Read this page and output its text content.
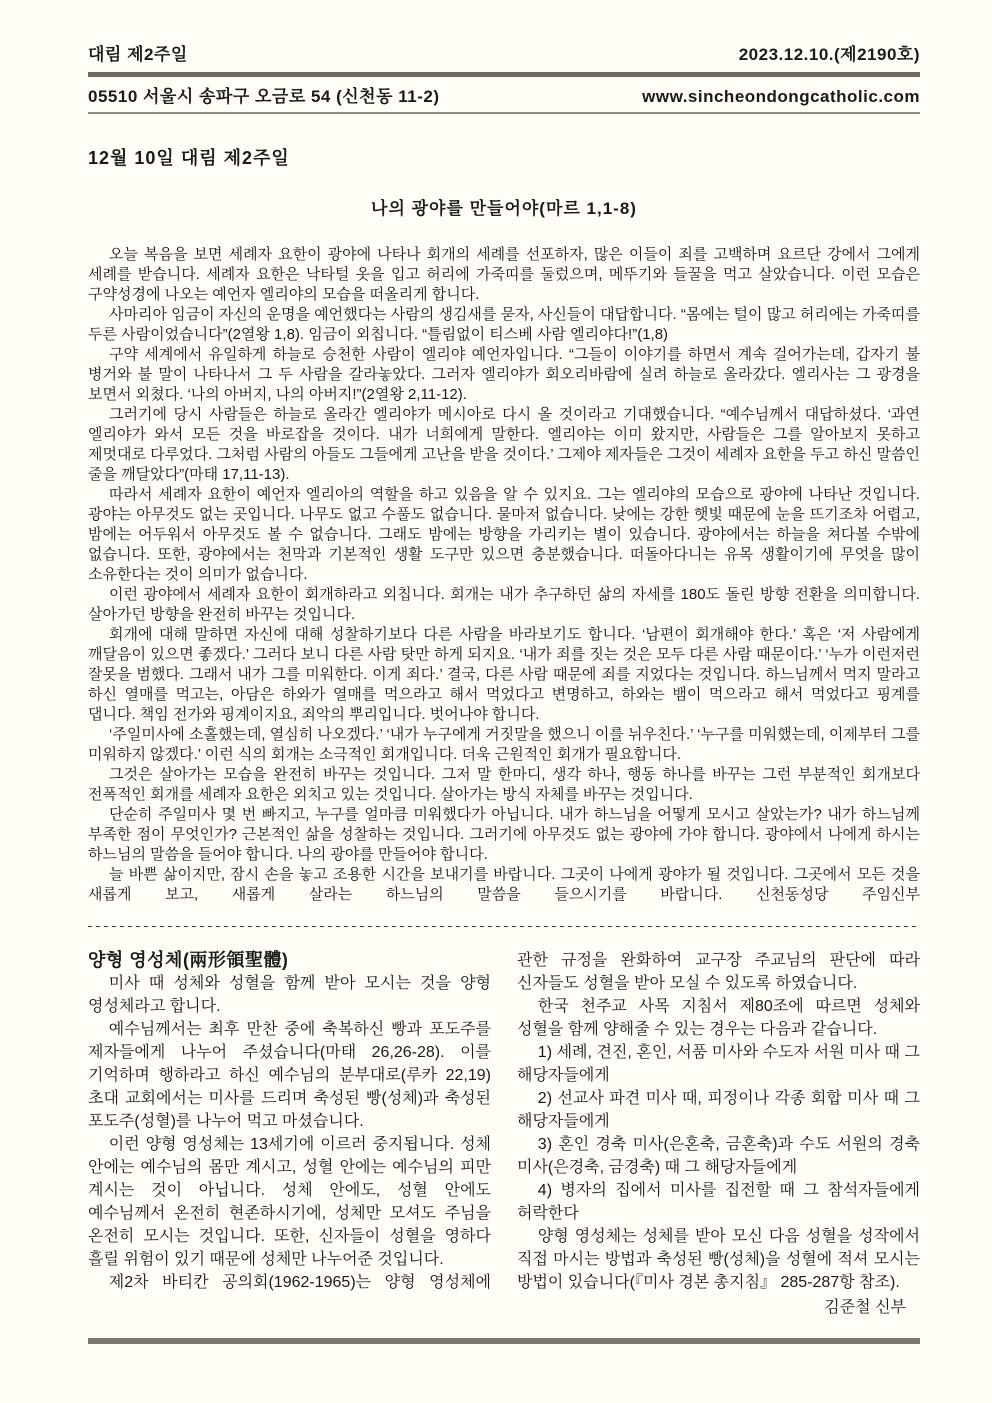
대림 제2주일	2023.12.10.(제2190호)
05510 서울시 송파구 오금로 54 (신천동 11-2)	www.sincheondongcatholic.com
12월 10일 대림 제2주일
나의 광야를 만들어야(마르 1,1-8)

오늘 복음을 보면 세례자 요한이 광야에 나타나 회개의 세례를 선포하자, 많은 이들이 죄를 고백하며 요르단 강에서 그에게 세례를 받습니다. 세례자 요한은 낙타털 옷을 입고 허리에 가죽띠를 둘렀으며, 메뚜기와 들꿀을 먹고 살았습니다. 이런 모습은 구약성경에 나오는 예언자 엘리야의 모습을 떠올리게 합니다.

사마리아 임금이 자신의 운명을 예언했다는 사람의 생김새를 묻자, 사신들이 대답합니다. “몸에는 털이 많고 허리에는 가죽띠를 두른 사람이었습니다”(2열왕 1,8). 임금이 외칩니다. “틀림없이 티스베 사람 엘리야다!”(1,8)

구약 세계에서 유일하게 하늘로 승천한 사람이 엘리야 예언자입니다. “그들이 이야기를 하면서 계속 걸어가는데, 갑자기 불 병거와 불 말이 나타나서 그 두 사람을 갈라놓았다. 그러자 엘리야가 회오리바람에 실려 하늘로 올라갔다. 엘리사는 그 광경을 보면서 외쳤다. ‘나의 아버지, 나의 아버지!”(2열왕 2,11-12).

그러기에 당시 사람들은 하늘로 올라간 엘리야가 메시아로 다시 올 것이라고 기대했습니다. “예수님께서 대답하셨다. ‘과연 엘리야가 와서 모든 것을 바로잡을 것이다. 내가 너희에게 말한다. 엘리야는 이미 왔지만, 사람들은 그를 알아보지 못하고 제멋대로 다루었다. 그처럼 사람의 아들도 그들에게 고난을 받을 것이다.’ 그제야 제자들은 그것이 세례자 요한을 두고 하신 말씀인 줄을 깨달았다”(마태 17,11-13).

따라서 세례자 요한이 예언자 엘리아의 역할을 하고 있음을 알 수 있지요. 그는 엘리야의 모습으로 광야에 나타난 것입니다. 광야는 아무것도 없는 곳입니다. 나무도 없고 수풀도 없습니다. 물마저 없습니다. 낮에는 강한 햇빛 때문에 눈을 뜨기조차 어렵고, 밤에는 어두워서 아무것도 볼 수 없습니다. 그래도 밤에는 방향을 가리키는 별이 있습니다. 광야에서는 하늘을 쳐다볼 수밖에 없습니다. 또한, 광야에서는 천막과 기본적인 생활 도구만 있으면 충분했습니다. 떠돌아다니는 유목 생활이기에 무엇을 많이 소유한다는 것이 의미가 없습니다.

이런 광야에서 세례자 요한이 회개하라고 외칩니다. 회개는 내가 추구하던 삶의 자세를 180도 돌린 방향 전환을 의미합니다. 살아가던 방향을 완전히 바꾸는 것입니다.

회개에 대해 말하면 자신에 대해 성찰하기보다 다른 사람을 바라보기도 합니다. ‘남편이 회개해야 한다.’ 혹은 ‘저 사람에게 깨달음이 있으면 좋겠다.’ 그러다 보니 다른 사람 탓만 하게 되지요. ‘내가 죄를 짓는 것은 모두 다른 사람 때문이다.’ ‘누가 이런저런 잘못을 범했다. 그래서 내가 그를 미워한다. 이게 죄다.’ 결국, 다른 사람 때문에 죄를 지었다는 것입니다. 하느님께서 먹지 말라고 하신 열매를 먹고는, 아담은 하와가 열매를 먹으라고 해서 먹었다고 변명하고, 하와는 뱀이 먹으라고 해서 먹었다고 핑계를 댑니다. 책임 전가와 핑계이지요, 죄악의 뿌리입니다. 벗어나야 합니다.

‘주일미사에 소홀했는데, 열심히 나오겠다.’ ‘내가 누구에게 거짓말을 했으니 이를 뉘우친다.’ ‘누구를 미워했는데, 이제부터 그를 미워하지 않겠다.’ 이런 식의 회개는 소극적인 회개입니다. 더욱 근원적인 회개가 필요합니다.

그것은 살아가는 모습을 완전히 바꾸는 것입니다. 그저 말 한마디, 생각 하나, 행동 하나를 바꾸는 그런 부분적인 회개보다 전폭적인 회개를 세례자 요한은 외치고 있는 것입니다. 살아가는 방식 자체를 바꾸는 것입니다.

단순히 주일미사 몇 번 빠지고, 누구를 얼마큼 미워했다가 아닙니다. 내가 하느님을 어떻게 모시고 살았는가? 내가 하느님께 부족한 점이 무엇인가? 근본적인 삶을 성찰하는 것입니다. 그러기에 아무것도 없는 광야에 가야 합니다. 광야에서 나에게 하시는 하느님의 말씀을 들어야 합니다. 나의 광야를 만들어야 합니다.

늘 바쁜 삶이지만, 잠시 손을 놓고 조용한 시간을 보내기를 바랍니다. 그곳이 나에게 광야가 될 것입니다. 그곳에서 모든 것을 새롭게 보고, 새롭게 살라는 하느님의 말씀을 들으시기를 바랍니다. 신천동성당 주임신부

양형 영성체(兩形領聖體)

미사 때 성체와 성혈을 함께 받아 모시는 것을 양형 영성체라고 합니다.

예수님께서는 최후 만찬 중에 축복하신 빵과 포도주를 제자들에게 나누어 주셨습니다(마태 26,26-28). 이를 기억하며 행하라고 하신 예수님의 분부대로(루카 22,19) 초대 교회에서는 미사를 드리며 축성된 빵(성체)과 축성된 포도주(성혈)를 나누어 먹고 마셨습니다.

이런 양형 영성체는 13세기에 이르러 중지됩니다. 성체 안에는 예수님의 몸만 계시고, 성혈 안에는 예수님의 피만 계시는 것이 아닙니다. 성체 안에도, 성혈 안에도 예수님께서 온전히 현존하시기에, 성체만 모셔도 주님을 온전히 모시는 것입니다. 또한, 신자들이 성혈을 영하다 흘릴 위험이 있기 때문에 성체만 나누어준 것입니다.

제2차 바티칸 공의회(1962-1965)는 양형 영성체에

관한 규정을 완화하여 교구장 주교님의 판단에 따라 신자들도 성혈을 받아 모실 수 있도록 하였습니다.

한국 천주교 사목 지침서 제80조에 따르면 성체와 성혈을 함께 양해줄 수 있는 경우는 다음과 같습니다.

1) 세례, 견진, 혼인, 서품 미사와 수도자 서원 미사 때 그 해당자들에게

2) 선교사 파견 미사 때, 피정이나 각종 회합 미사 때 그 해당자들에게

3) 혼인 경축 미사(은혼축, 금혼축)과 수도 서원의 경축 미사(은경축, 금경축) 때 그 해당자들에게

4) 병자의 집에서 미사를 집전할 때 그 참석자들에게 허락한다

양형 영성체는 성체를 받아 모신 다음 성혈을 성작에서 직접 마시는 방법과 축성된 빵(성체)을 성혈에 적셔 모시는 방법이 있습니다(『미사 경본 총지침』 285-287항 참조).

김준철 신부
